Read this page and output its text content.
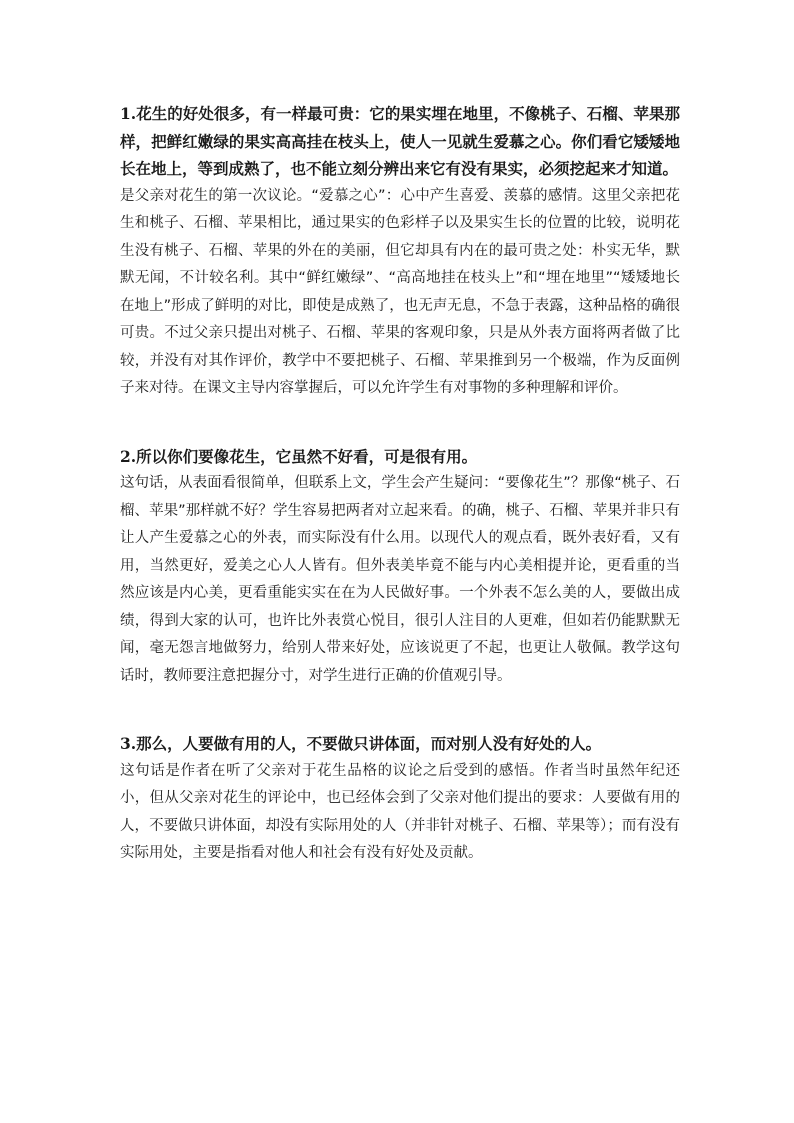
1.花生的好处很多，有一样最可贵：它的果实埋在地里，不像桃子、石榴、苹果那样，把鲜红嫩绿的果实高高挂在枝头上，使人一见就生爱慕之心。你们看它矮矮地长在地上，等到成熟了，也不能立刻分辨出来它有没有果实，必须挖起来才知道。

是父亲对花生的第一次议论。“爱慕之心”：心中产生喜爱、羡慕的感情。这里父亲把花生和桃子、石榴、苹果相比，通过果实的色彩样子以及果实生长的位置的比较，说明花生没有桃子、石榴、苹果的外在的美丽，但它却具有内在的最可贵之处：朴实无华，默默无闻，不计较名利。其中“鲜红嫩绿”、“高高地挂在枝头上”和“埋在地里”“矮矮地长在地上”形成了鲜明的对比，即使是成熟了，也无声无息，不急于表露，这种品格的确很可贵。不过父亲只提出对桃子、石榴、苹果的客观印象，只是从外表方面将两者做了比较，并没有对其作评价，教学中不要把桃子、石榴、苹果推到另一个极端，作为反面例子来对待。在课文主导内容掌握后，可以允许学生有对事物的多种理解和评价。

2.所以你们要像花生，它虽然不好看，可是很有用。

这句话，从表面看很简单，但联系上文，学生会产生疑问：“要像花生”？那像“桃子、石榴、苹果”那样就不好？学生容易把两者对立起来看。的确，桃子、石榴、苹果并非只有让人产生爱慕之心的外表，而实际没有什么用。以现代人的观点看，既外表好看，又有用，当然更好，爱美之心人人皆有。但外表美毕竟不能与内心美相提并论，更看重的当然应该是内心美，更看重能实实在在为人民做好事。一个外表不怎么美的人，要做出成绩，得到大家的认可，也许比外表赏心悦目，很引人注目的人更难，但如若仍能默默无闻，毫无怨言地做努力，给别人带来好处，应该说更了不起，也更让人敬佩。教学这句话时，教师要注意把握分寸，对学生进行正确的价值观引导。

3.那么，人要做有用的人，不要做只讲体面，而对别人没有好处的人。

这句话是作者在听了父亲对于花生品格的议论之后受到的感悟。作者当时虽然年纪还小，但从父亲对花生的评论中，也已经体会到了父亲对他们提出的要求：人要做有用的人，不要做只讲体面，却没有实际用处的人（并非针对桃子、石榴、苹果等）；而有没有实际用处，主要是指看对他人和社会有没有好处及贡献。
